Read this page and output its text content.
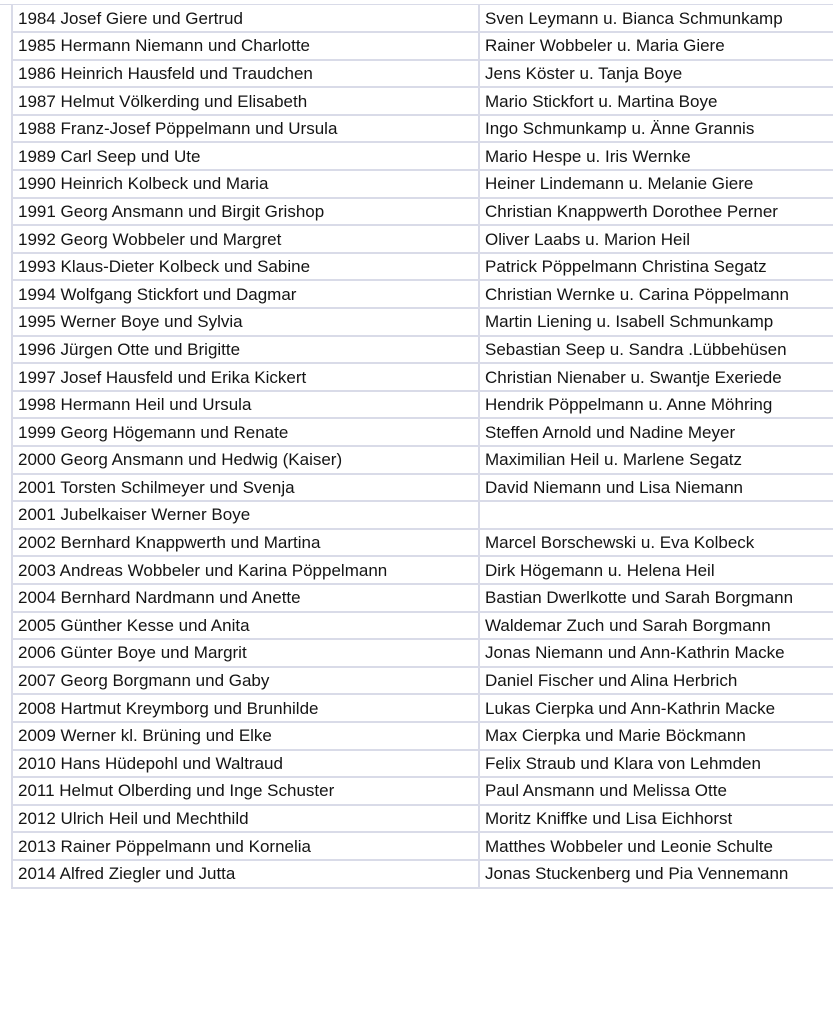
1984 Josef Giere und Gertrud	Sven Leymann u. Bianca Schmunkamp
1985 Hermann Niemann und Charlotte	Rainer Wobbeler u. Maria Giere
1986 Heinrich Hausfeld und Traudchen	Jens Köster u. Tanja Boye
1987 Helmut Völkerding und Elisabeth	Mario Stickfort u. Martina Boye
1988 Franz-Josef Pöppelmann und Ursula	Ingo Schmunkamp u. Änne Grannis
1989 Carl Seep und Ute	Mario Hespe u. Iris Wernke
1990 Heinrich Kolbeck und Maria	Heiner Lindemann u. Melanie Giere
1991 Georg Ansmann und Birgit Grishop	Christian Knappwerth Dorothee Perner
1992 Georg Wobbeler und Margret	Oliver Laabs u. Marion Heil
1993 Klaus-Dieter Kolbeck und Sabine	Patrick Pöppelmann Christina Segatz
1994 Wolfgang Stickfort und Dagmar	Christian Wernke u. Carina Pöppelmann
1995 Werner Boye und Sylvia	Martin Liening u. Isabell Schmunkamp
1996 Jürgen Otte und Brigitte	Sebastian Seep u. Sandra .Lübbehüsen
1997 Josef Hausfeld und Erika Kickert	Christian Nienaber u. Swantje Exeriede
1998 Hermann Heil und Ursula	Hendrik Pöppelmann u. Anne Möhring
1999 Georg Högemann und Renate	Steffen Arnold und Nadine Meyer
2000 Georg Ansmann und Hedwig (Kaiser)	Maximilian Heil u. Marlene Segatz
2001 Torsten Schilmeyer und Svenja	David Niemann und Lisa Niemann
2001 Jubelkaiser Werner Boye	
2002 Bernhard Knappwerth und Martina	Marcel Borschewski u. Eva Kolbeck
2003 Andreas Wobbeler und Karina Pöppelmann	Dirk Högemann u. Helena Heil
2004 Bernhard Nardmann und Anette	Bastian Dwerlkotte und Sarah Borgmann
2005 Günther Kesse und Anita	Waldemar Zuch und Sarah Borgmann
2006 Günter Boye und Margrit	Jonas Niemann und Ann-Kathrin Macke
2007 Georg Borgmann und Gaby	Daniel Fischer und Alina Herbrich
2008 Hartmut Kreymborg und Brunhilde	Lukas Cierpka und Ann-Kathrin Macke
2009 Werner kl. Brüning und Elke	Max Cierpka und Marie Böckmann
2010 Hans Hüdepohl und Waltraud	Felix Straub und Klara von Lehmden
2011 Helmut Olberding und Inge Schuster	Paul Ansmann und Melissa Otte
2012 Ulrich Heil und Mechthild	Moritz Kniffke und Lisa Eichhorst
2013 Rainer Pöppelmann und Kornelia	Matthes Wobbeler und Leonie Schulte
2014 Alfred Ziegler und Jutta	Jonas Stuckenberg und Pia Vennemann
